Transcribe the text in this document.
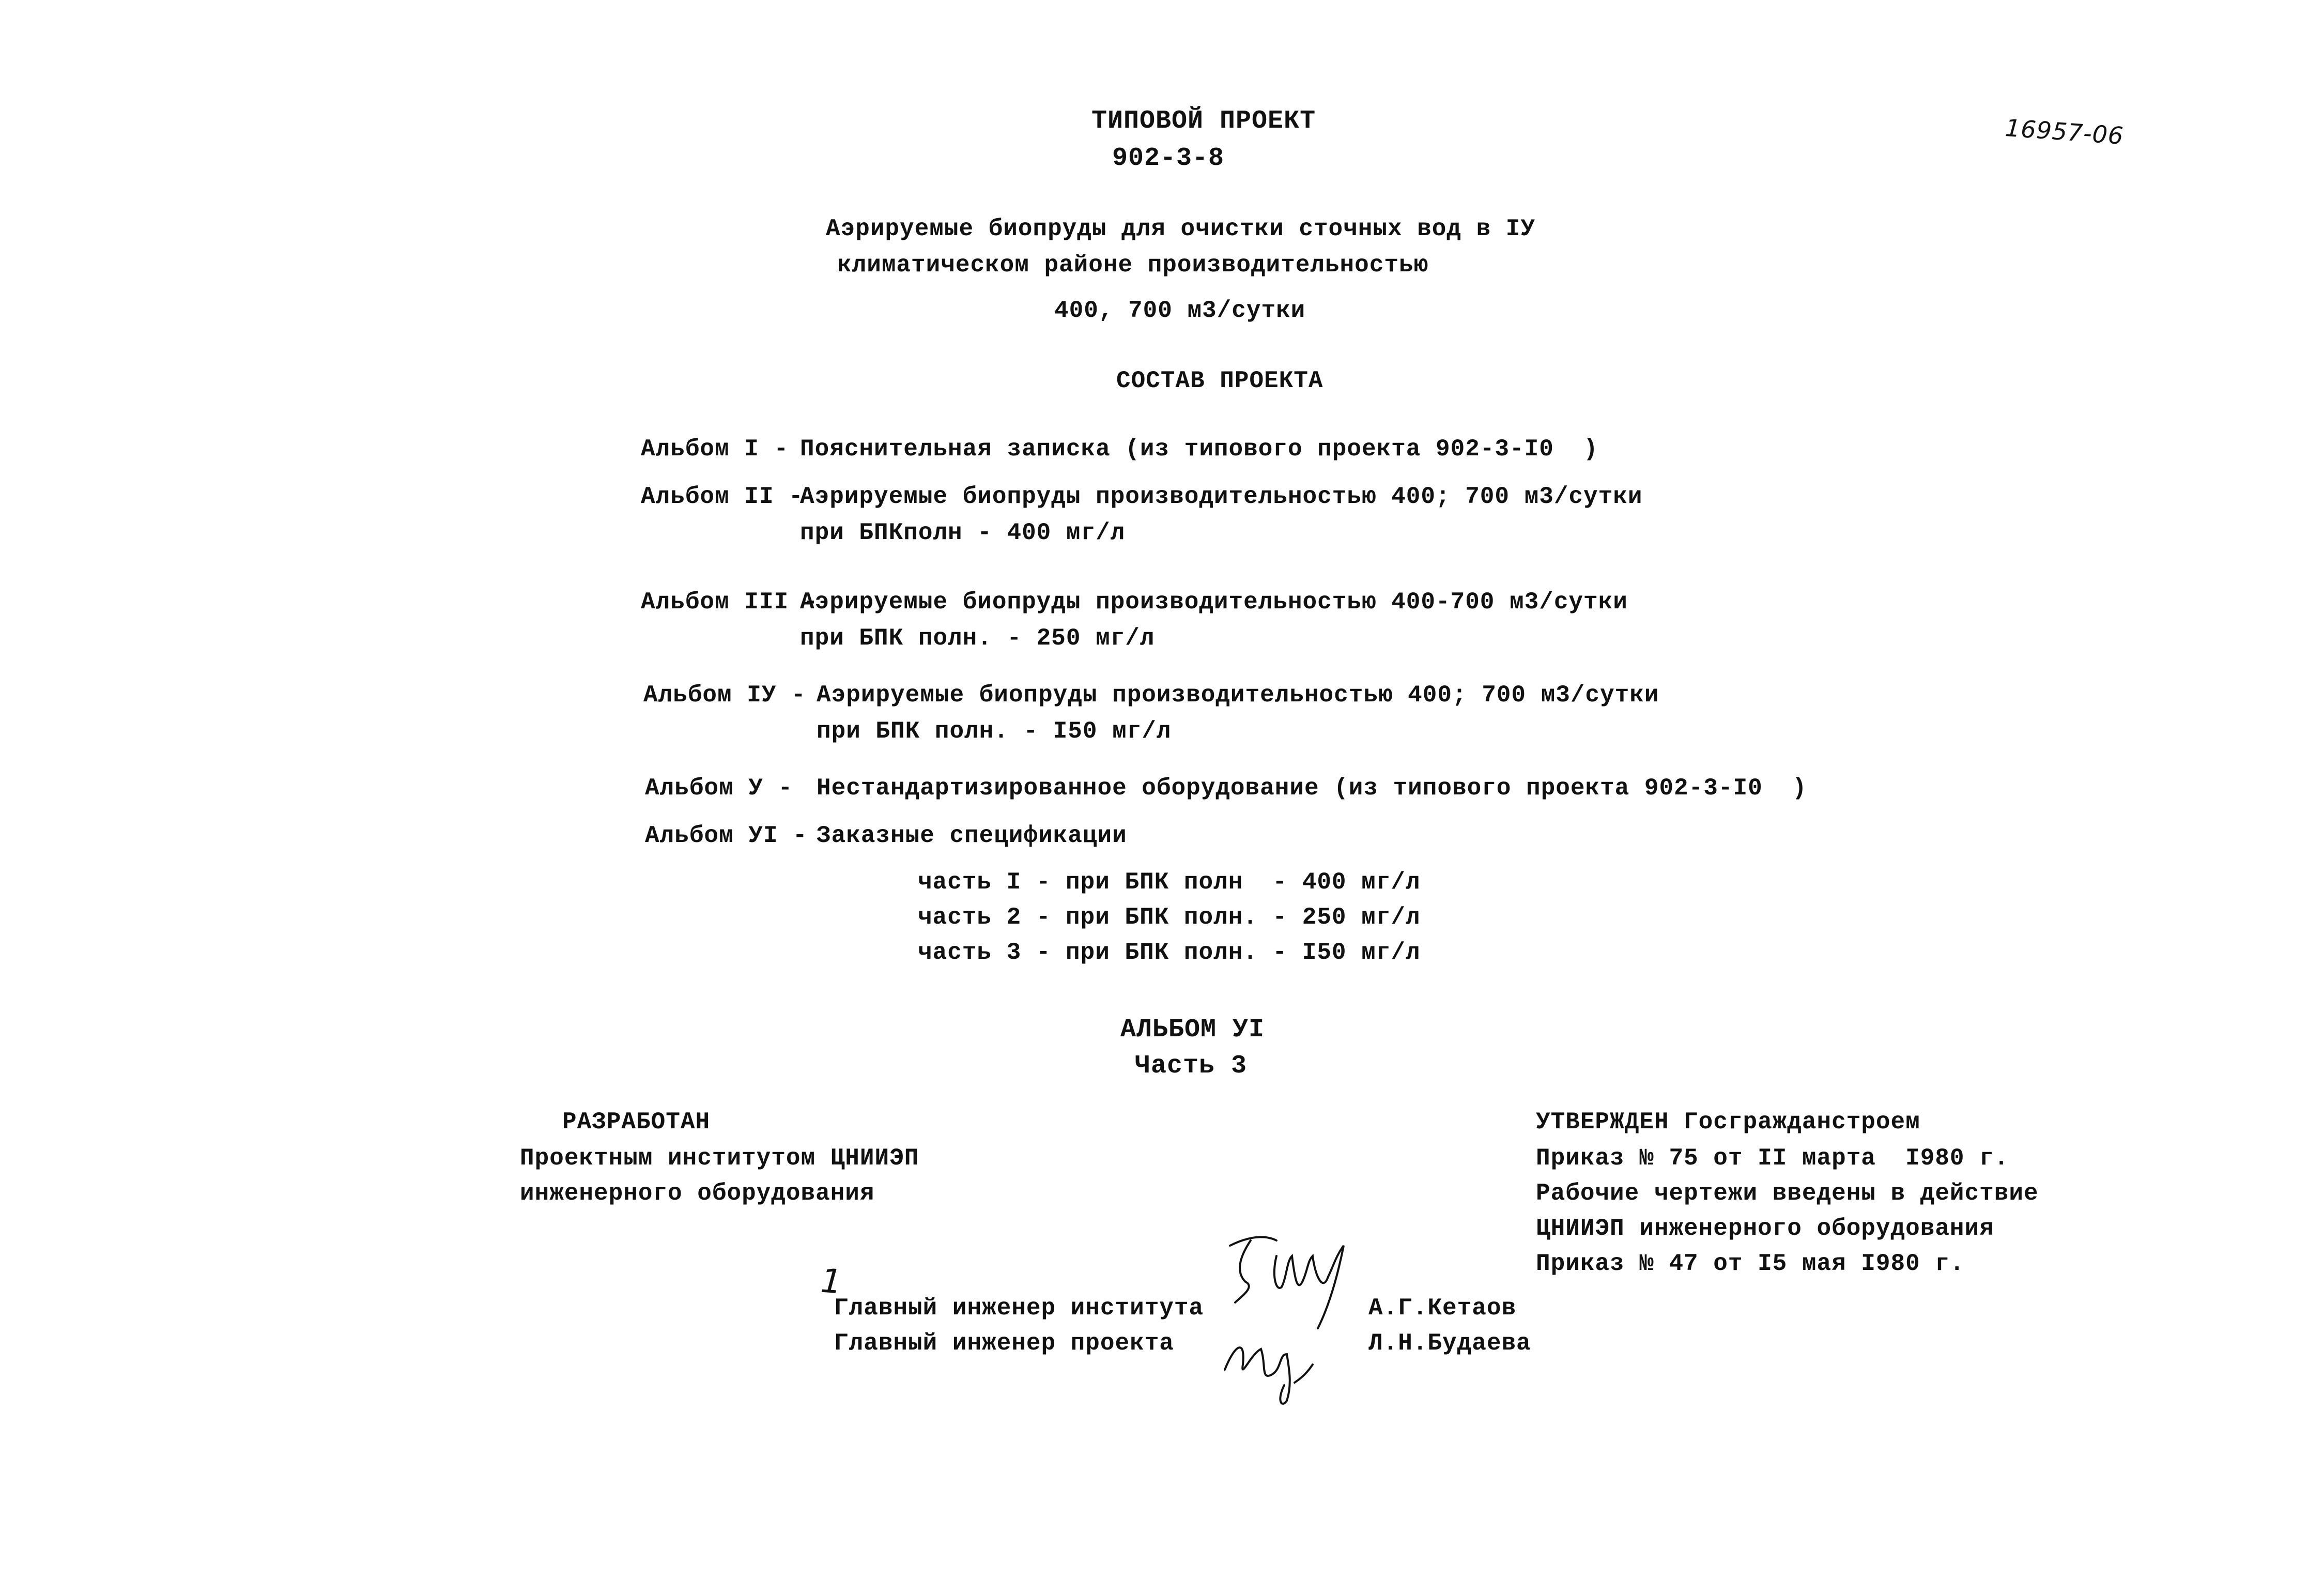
ТИПОВОЙ ПРОЕКТ
902-3-8
16957-06
Аэрируемые биопруды для очистки сточных вод в IУ
климатическом районе производительностью
400, 700 м3/сутки
СОСТАВ ПРОЕКТА
Альбом I - Пояснительная записка (из типового проекта 902-3-I0  )
Альбом II -
Аэрируемые биопруды производительностью 400; 700 м3/сутки
при БПКполн - 400 мг/л
Альбом III -
Аэрируемые биопруды производительностью 400-700 м3/сутки
при БПК полн. - 250 мг/л
Альбом IУ - Аэрируемые биопруды производительностью 400; 700 м3/сутки
при БПК полн. - I50 мг/л
Альбом У - Нестандартизированное оборудование (из типового проекта 902-3-I0  )
Альбом УI - Заказные спецификации
часть I - при БПК полн  - 400 мг/л
часть 2 - при БПК полн. - 250 мг/л
часть 3 - при БПК полн. - I50 мг/л
АЛЬБОМ УI
Часть 3
РАЗРАБОТАН
Проектным институтом ЦНИИЭП
инженерного оборудования
УТВЕРЖДЕН Госгражданстроем
Приказ № 75 от II марта  I980 г.
Рабочие чертежи введены в действие
ЦНИИЭП инженерного оборудования
Приказ № 47 от I5 мая I980 г.
1
Главный инженер института	А.Г.Кетаов
Главный инженер проекта	Л.Н.Будаева
